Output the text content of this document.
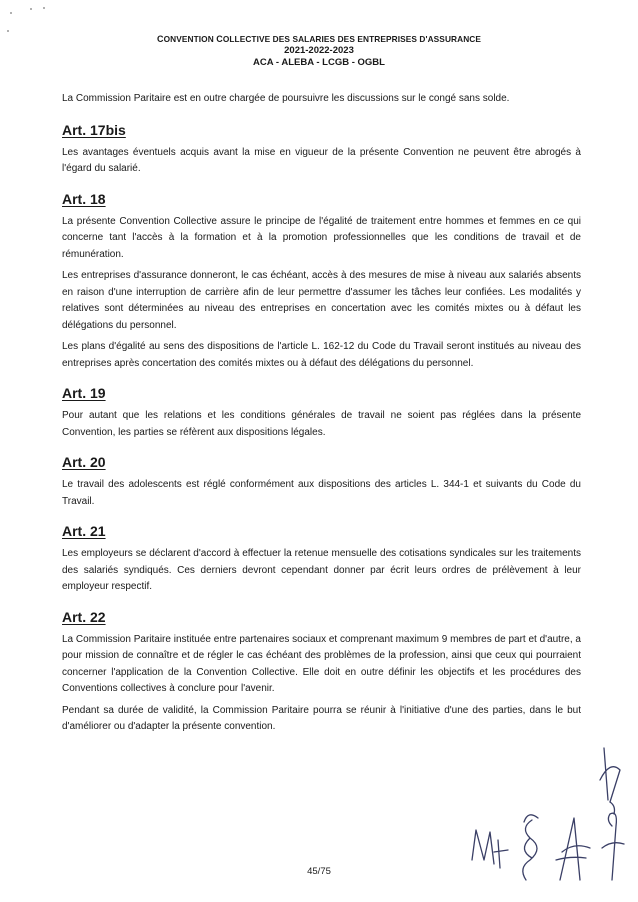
CONVENTION COLLECTIVE DES SALARIES DES ENTREPRISES D'ASSURANCE
2021-2022-2023
ACA - ALEBA - LCGB - OGBL

La Commission Paritaire est en outre chargée de poursuivre les discussions sur le congé sans solde.

Art. 17bis

Les avantages éventuels acquis avant la mise en vigueur de la présente Convention ne peuvent être abrogés à l'égard du salarié.

Art. 18

La présente Convention Collective assure le principe de l'égalité de traitement entre hommes et femmes en ce qui concerne tant l'accès à la formation et à la promotion professionnelles que les conditions de travail et de rémunération.

Les entreprises d'assurance donneront, le cas échéant, accès à des mesures de mise à niveau aux salariés absents en raison d'une interruption de carrière afin de leur permettre d'assumer les tâches leur confiées. Les modalités y relatives sont déterminées au niveau des entreprises en concertation avec les comités mixtes ou à défaut les délégations du personnel.

Les plans d'égalité au sens des dispositions de l'article L. 162-12 du Code du Travail seront institués au niveau des entreprises après concertation des comités mixtes ou à défaut des délégations du personnel.

Art. 19

Pour autant que les relations et les conditions générales de travail ne soient pas réglées dans la présente Convention, les parties se réfèrent aux dispositions légales.

Art. 20

Le travail des adolescents est réglé conformément aux dispositions des articles L. 344-1 et suivants du Code du Travail.

Art. 21

Les employeurs se déclarent d'accord à effectuer la retenue mensuelle des cotisations syndicales sur les traitements des salariés syndiqués. Ces derniers devront cependant donner par écrit leurs ordres de prélèvement à leur employeur respectif.

Art. 22

La Commission Paritaire instituée entre partenaires sociaux et comprenant maximum 9 membres de part et d'autre, a pour mission de connaître et de régler le cas échéant des problèmes de la profession, ainsi que ceux qui pourraient concerner l'application de la Convention Collective. Elle doit en outre définir les objectifs et les procédures des Conventions collectives à conclure pour l'avenir.

Pendant sa durée de validité, la Commission Paritaire pourra se réunir à l'initiative d'une des parties, dans le but d'améliorer ou d'adapter la présente convention.

45/75
